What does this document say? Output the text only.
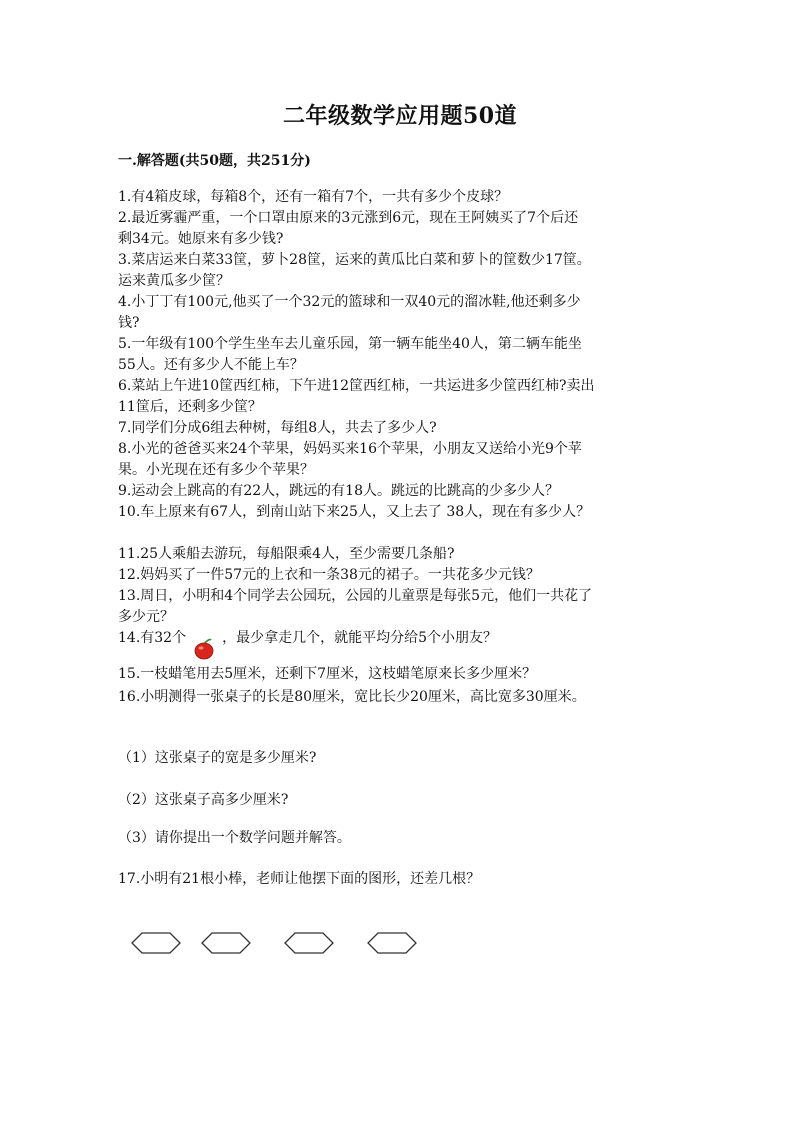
二年级数学应用题50道
一.解答题(共50题，共251分)
1.有4箱皮球，每箱8个，还有一箱有7个，一共有多少个皮球？
2.最近雾霾严重，一个口罩由原来的3元涨到6元，现在王阿姨买了7个后还
剩34元。她原来有多少钱?
3.菜店运来白菜33筐，萝卜28筐，运来的黄瓜比白菜和萝卜的筐数少17筐。
运来黄瓜多少筐？
4.小丁丁有100元,他买了一个32元的篮球和一双40元的溜冰鞋,他还剩多少
钱?
5.一年级有100个学生坐车去儿童乐园，第一辆车能坐40人，第二辆车能坐
55人。还有多少人不能上车？
6.菜站上午进10筐西红柿，下午进12筐西红柿，一共运进多少筐西红柿?卖出
11筐后，还剩多少筐？
7.同学们分成6组去种树，每组8人，共去了多少人?
8.小光的爸爸买来24个苹果，妈妈买来16个苹果，小朋友又送给小光9个苹
果。小光现在还有多少个苹果？
9.运动会上跳高的有22人，跳远的有18人。跳远的比跳高的少多少人？
10.车上原来有67人，到南山站下来25人，又上去了 38人，现在有多少人？
11.25人乘船去游玩，每船限乘4人，至少需要几条船?
12.妈妈买了一件57元的上衣和一条38元的裙子。一共花多少元钱？
13.周日，小明和4个同学去公园玩，公园的儿童票是每张5元，他们一共花了
多少元？
14.有32个	，最少拿走几个，就能平均分给5个小朋友？
15.一枝蜡笔用去5厘米，还剩下7厘米，这枝蜡笔原来长多少厘米？
16.小明测得一张桌子的长是80厘米，宽比长少20厘米，高比宽多30厘米。
（1）这张桌子的宽是多少厘米?
（2）这张桌子高多少厘米?
（3）请你提出一个数学问题并解答。
17.小明有21根小棒，老师让他摆下面的图形，还差几根？
